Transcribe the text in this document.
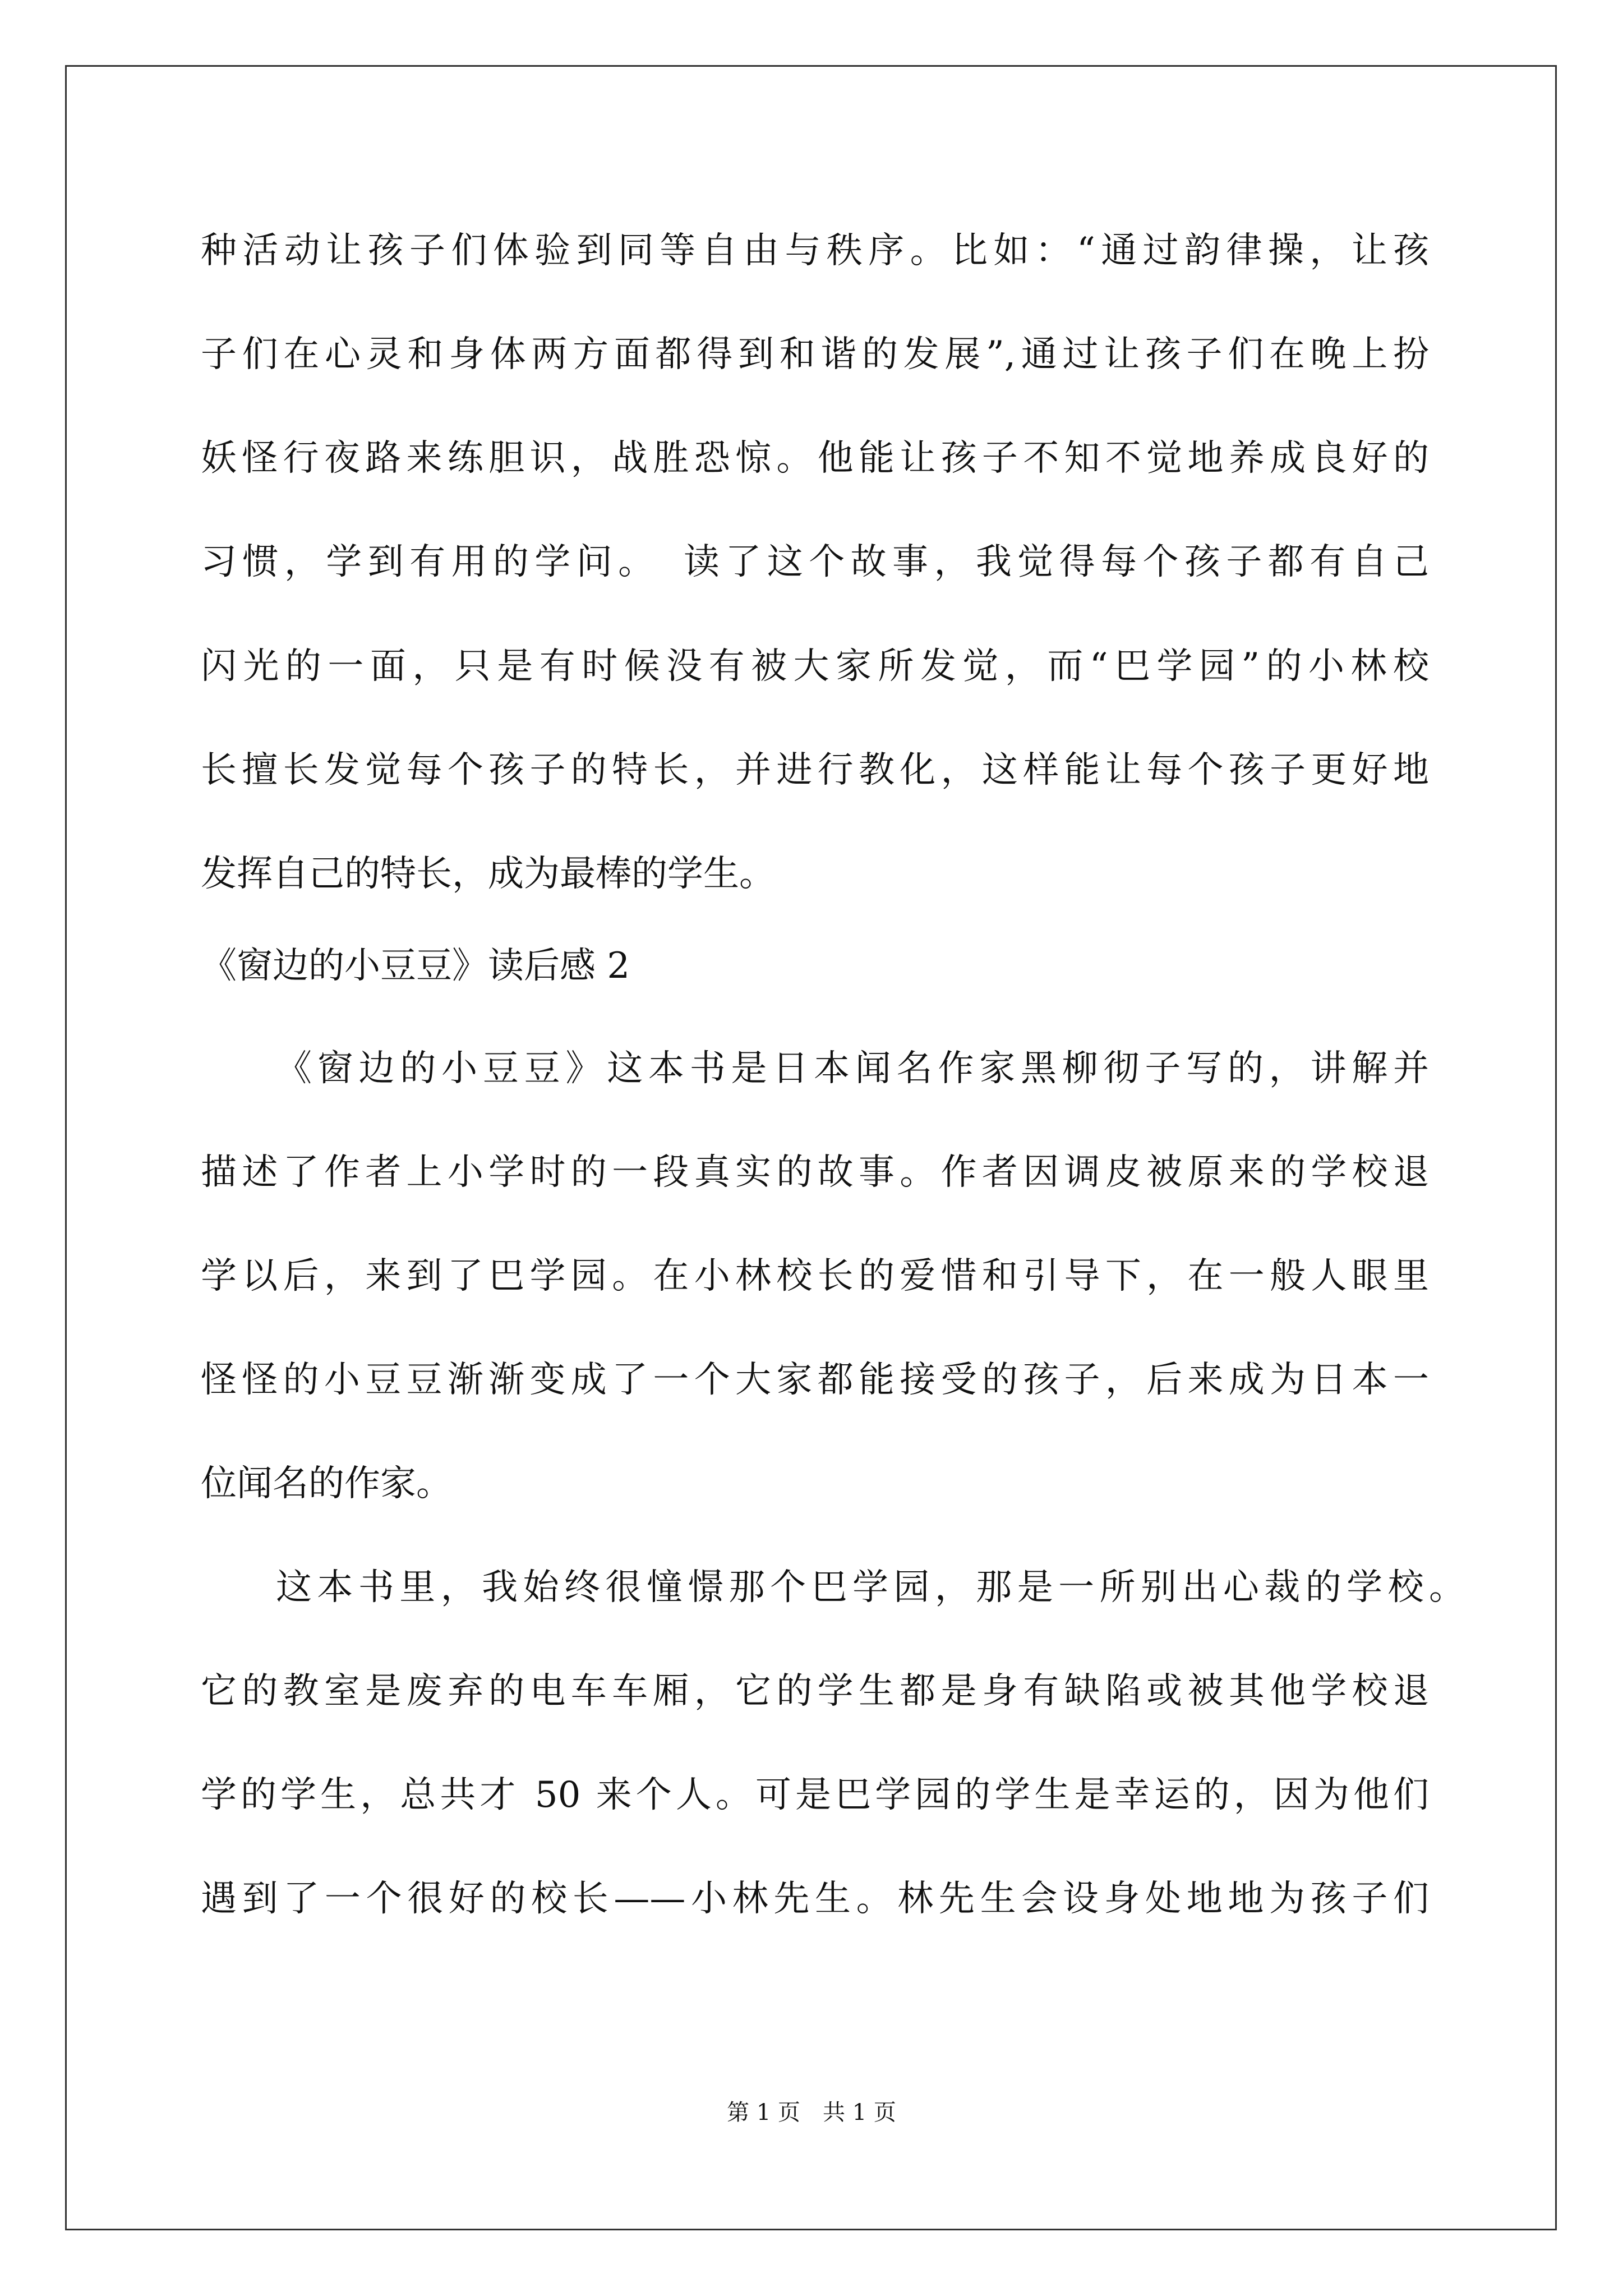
种活动让孩子们体验到同等自由与秩序。比如：“通过韵律操，让孩
子们在心灵和身体两方面都得到和谐的发展”,通过让孩子们在晚上扮
妖怪行夜路来练胆识，战胜恐惊。他能让孩子不知不觉地养成良好的
习惯，学到有用的学问。　读了这个故事，我觉得每个孩子都有自己
闪光的一面，只是有时候没有被大家所发觉，而“巴学园”的小林校
长擅长发觉每个孩子的特长，并进行教化，这样能让每个孩子更好地
发挥自己的特长，成为最棒的学生。
《窗边的小豆豆》读后感 2
《窗边的小豆豆》这本书是日本闻名作家黑柳彻子写的，讲解并
描述了作者上小学时的一段真实的故事。作者因调皮被原来的学校退
学以后，来到了巴学园。在小林校长的爱惜和引导下，在一般人眼里
怪怪的小豆豆渐渐变成了一个大家都能接受的孩子，后来成为日本一
位闻名的作家。
这本书里，我始终很憧憬那个巴学园，那是一所别出心裁的学校。
它的教室是废弃的电车车厢，它的学生都是身有缺陷或被其他学校退
学的学生，总共才 50 来个人。可是巴学园的学生是幸运的，因为他们
遇到了一个很好的校长——小林先生。林先生会设身处地地为孩子们
第 1 页　共 1 页
